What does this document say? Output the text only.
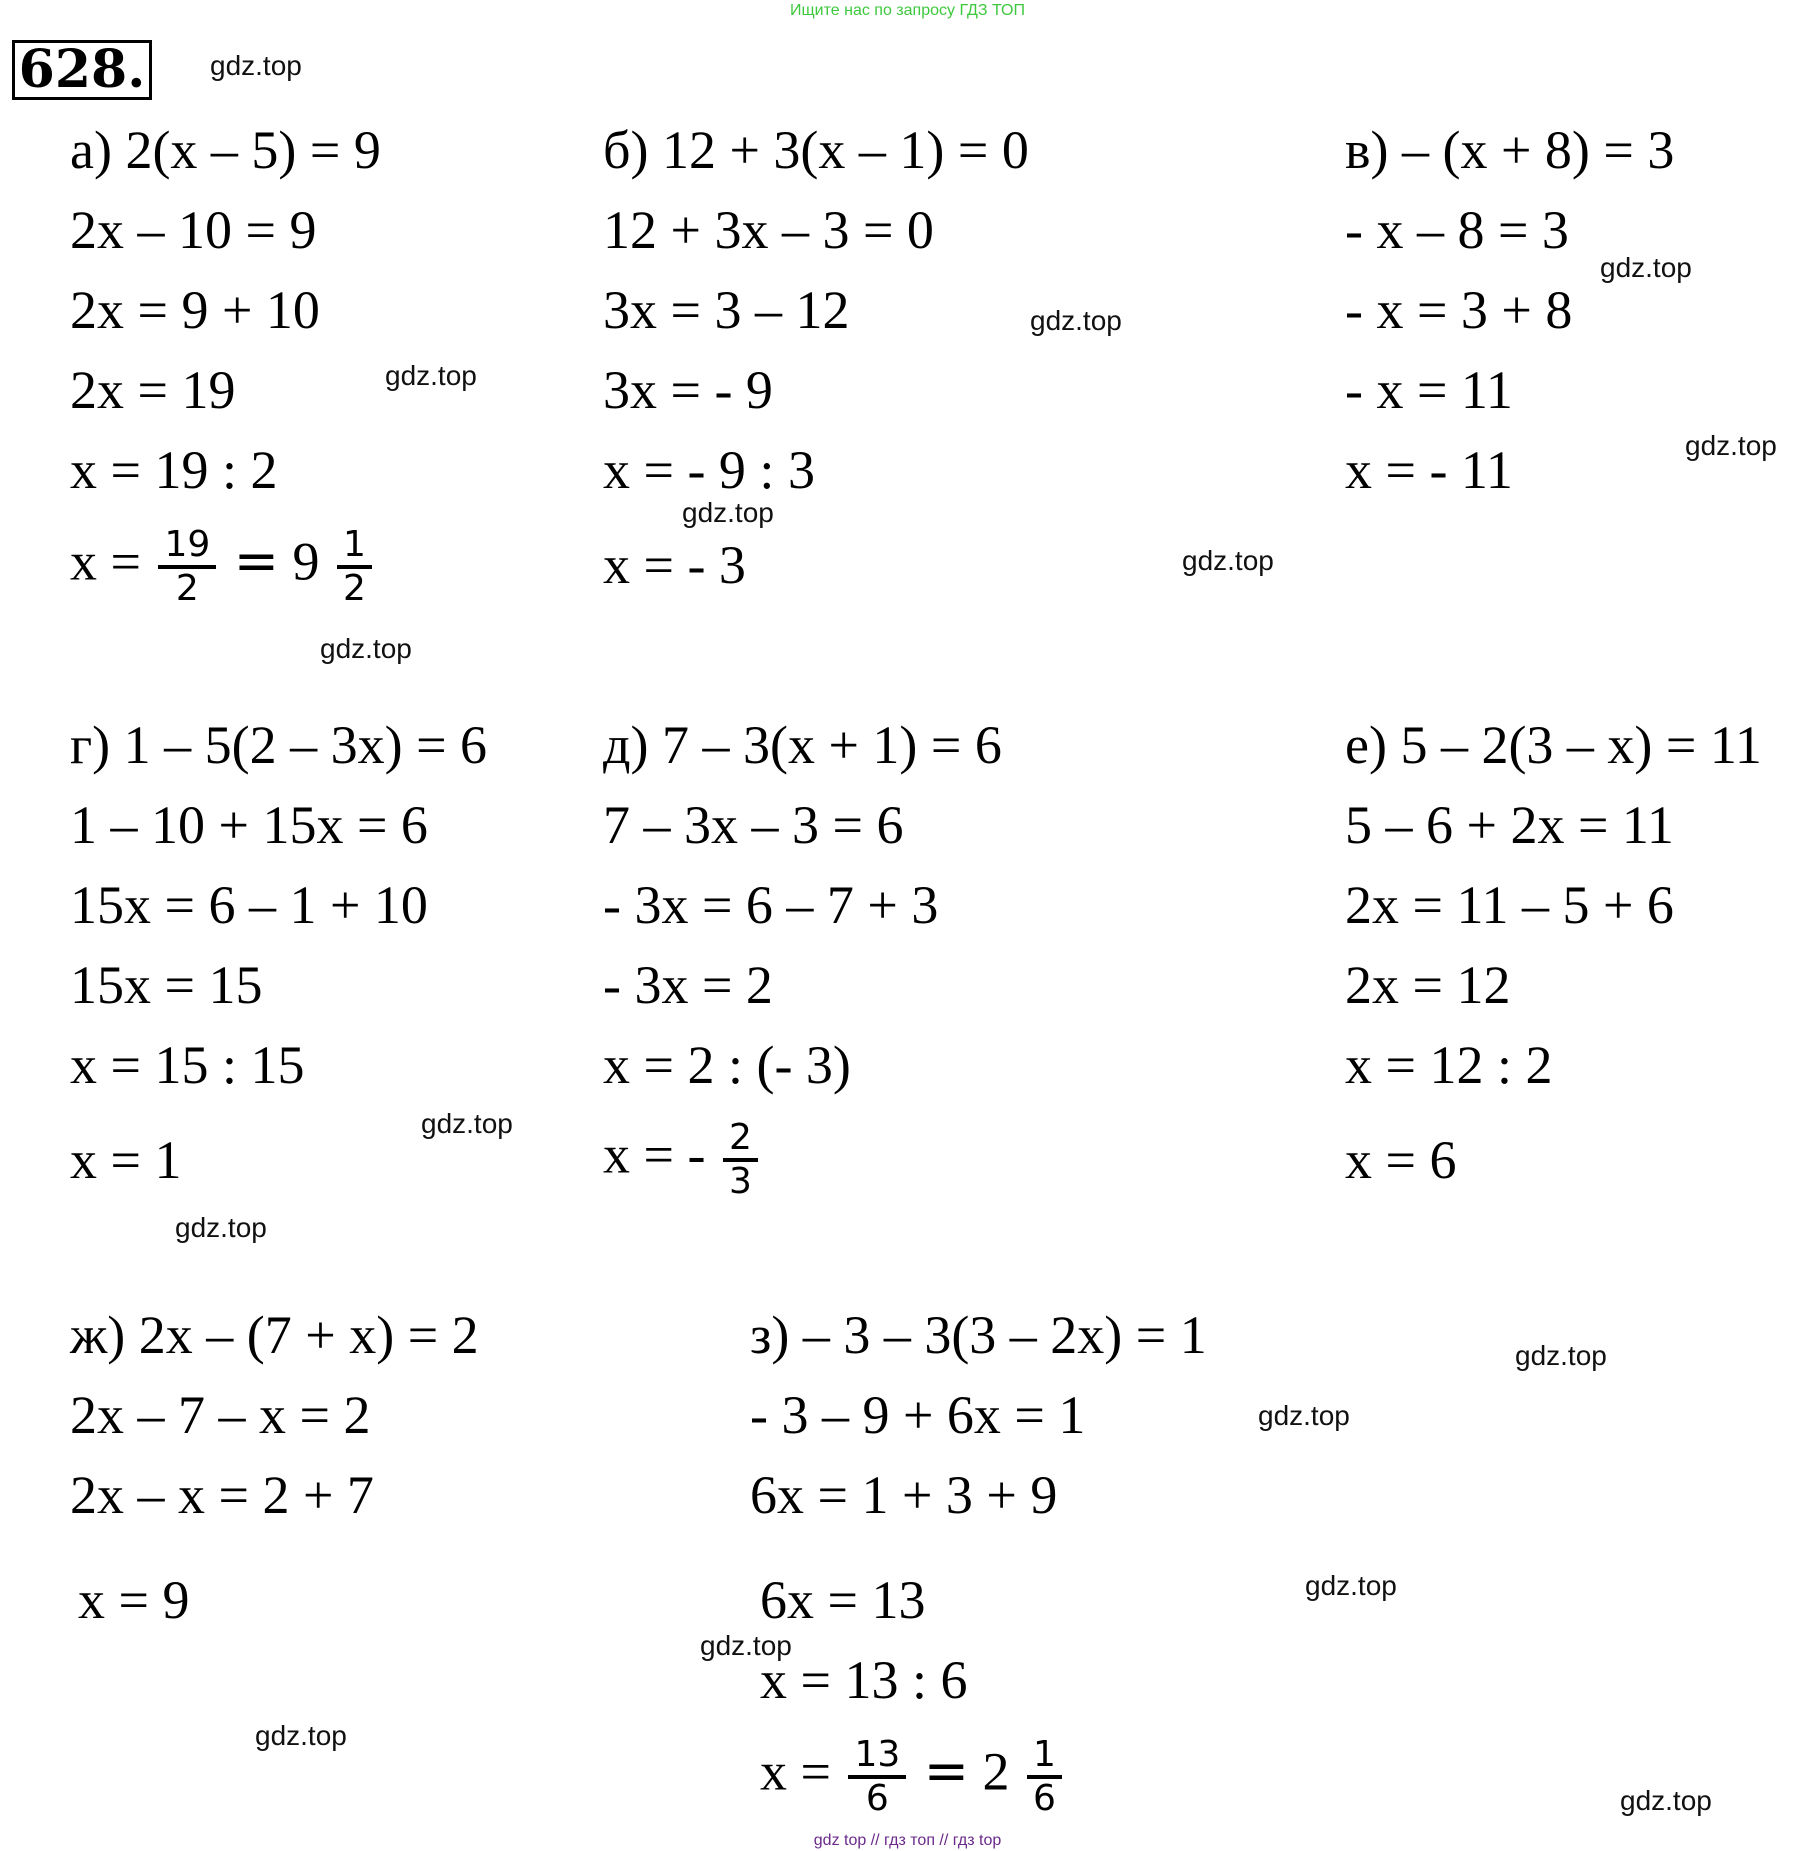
Ищите нас по запросу ГДЗ ТОП
628. gdz.top
gdz.top
gdz.top
gdz.top
gdz.top
gdz.top
gdz.top
gdz.top
gdz.top
gdz.top
gdz.top
gdz.top
gdz.top
gdz.top
gdz.top
gdz.top
а) 2(x – 5) = 9
2x – 10 = 9
2x = 9 + 10
2x = 19
x = 19 : 2
$x = \frac{19}{2} = 9 \frac{1}{2}$
б) 12 + 3(x – 1) = 0
12 + 3x – 3 = 0
3x = 3 – 12
3x = - 9
x = - 9 : 3
x = - 3
в) – (x + 8) = 3
- x – 8 = 3
- x = 3 + 8
- x = 11
x = - 11
г) 1 – 5(2 – 3x) = 6
1 – 10 + 15x = 6
15x = 6 – 1 + 10
15x = 15
x = 15 : 15
x = 1
д) 7 – 3(x + 1) = 6
7 – 3x – 3 = 6
- 3x = 6 – 7 + 3
- 3x = 2
x = 2 : (- 3)
x = - $\frac{2}{3}$
е) 5 – 2(3 – x) = 11
5 – 6 + 2x = 11
2x = 11 – 5 + 6
2x = 12
x = 12 : 2
x = 6
ж) 2x – (7 + x) = 2
2x – 7 – x = 2
2x – x = 2 + 7
x = 9
з) – 3 – 3(3 – 2x) = 1
- 3 – 9 + 6x = 1
6x = 1 + 3 + 9
6x = 13
x = 13 : 6
$x = \frac{13}{6} = 2 \frac{1}{6}$
gdz top // гдз топ // гдз top
